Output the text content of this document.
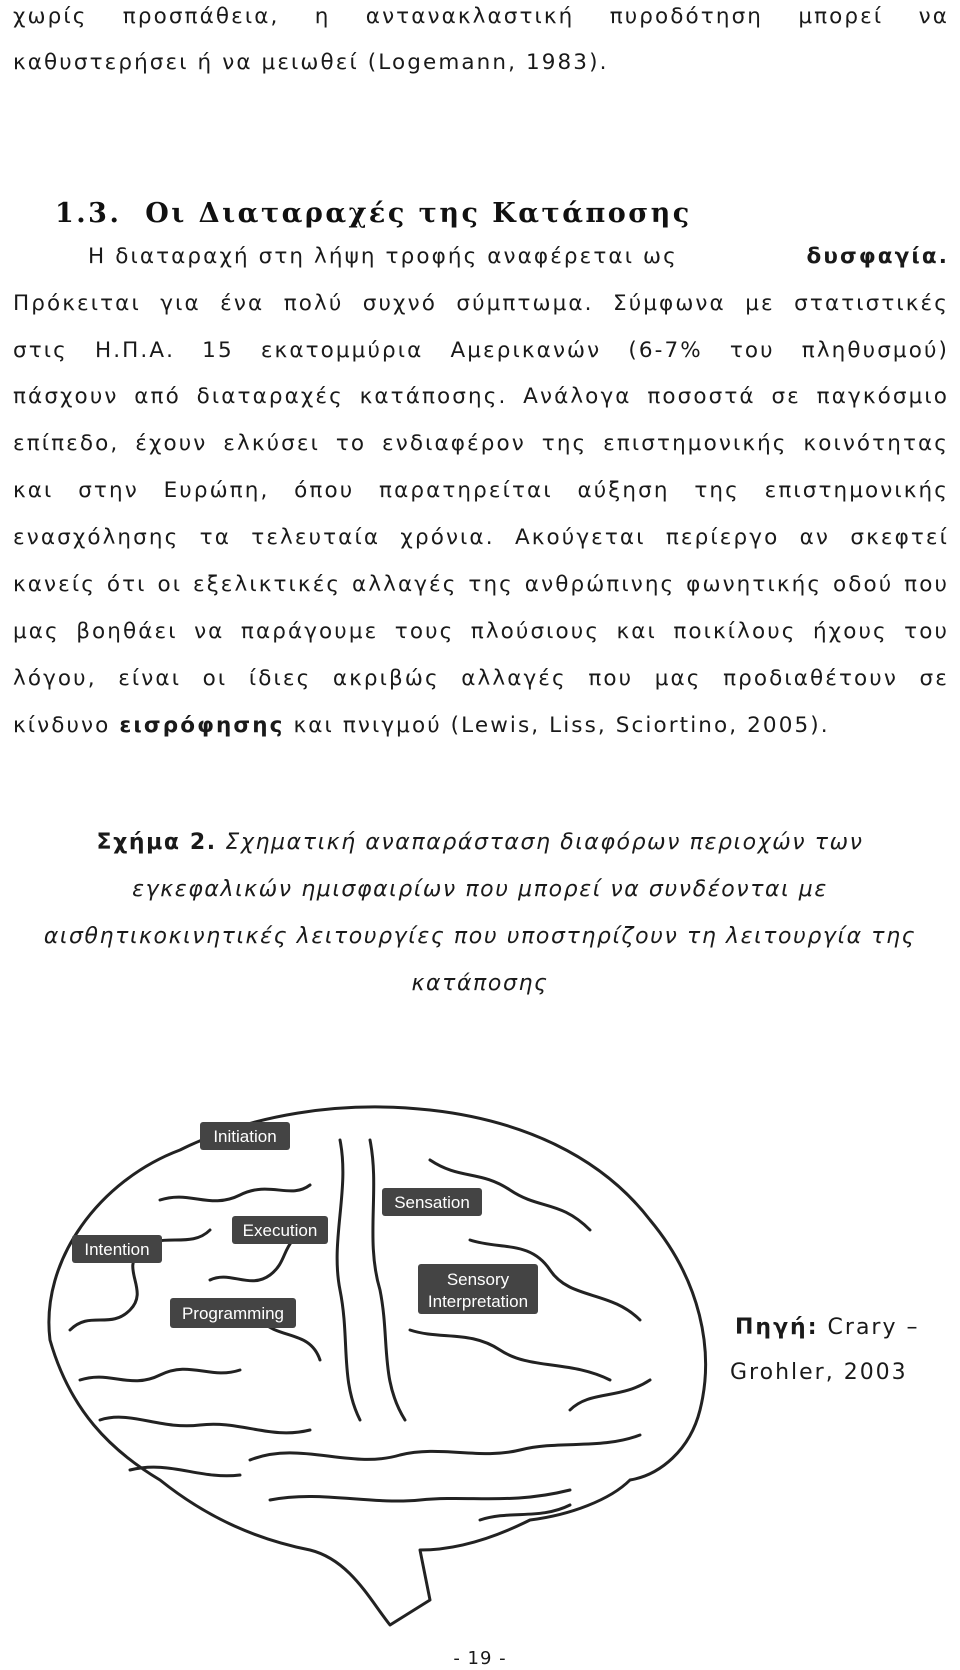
χωρίς προσπάθεια, η αντανακλαστική πυροδότηση μπορεί να
καθυστερήσει ή να μειωθεί (Logemann, 1983).
1.3. Οι Διαταραχές της Κατάποσης
Η διαταραχή στη λήψη τροφής αναφέρεται ως	δυσφαγία.
Πρόκειται για ένα πολύ συχνό σύμπτωμα. Σύμφωνα με στατιστικές
στις Η.Π.Α. 15 εκατομμύρια Αμερικανών (6-7% του πληθυσμού)
πάσχουν από διαταραχές κατάποσης. Ανάλογα ποσοστά σε παγκόσμιο
επίπεδο, έχουν ελκύσει το ενδιαφέρον της επιστημονικής κοινότητας
και στην Ευρώπη, όπου παρατηρείται αύξηση της επιστημονικής
ενασχόλησης τα τελευταία χρόνια. Ακούγεται περίεργο αν σκεφτεί
κανείς ότι οι εξελικτικές αλλαγές της ανθρώπινης φωνητικής οδού που
μας βοηθάει να παράγουμε τους πλούσιους και ποικίλους ήχους του
λόγου, είναι οι ίδιες ακριβώς αλλαγές που μας προδιαθέτουν σε
κίνδυνο
εισρόφησης
και πνιγμού (Lewis, Liss, Sciortino, 2005).
Σχήμα 2. Σχηματική αναπαράσταση διαφόρων περιοχών των
εγκεφαλικών ημισφαιρίων που μπορεί να συνδέονται με
αισθητικοκινητικές λειτουργίες που υποστηρίζουν τη λειτουργία της
κατάποσης
Initiation
Sensation
Execution
Intention
Sensory
Interpretation
Programming
Πηγή: Crary –
Grohler, 2003
- 19 -
